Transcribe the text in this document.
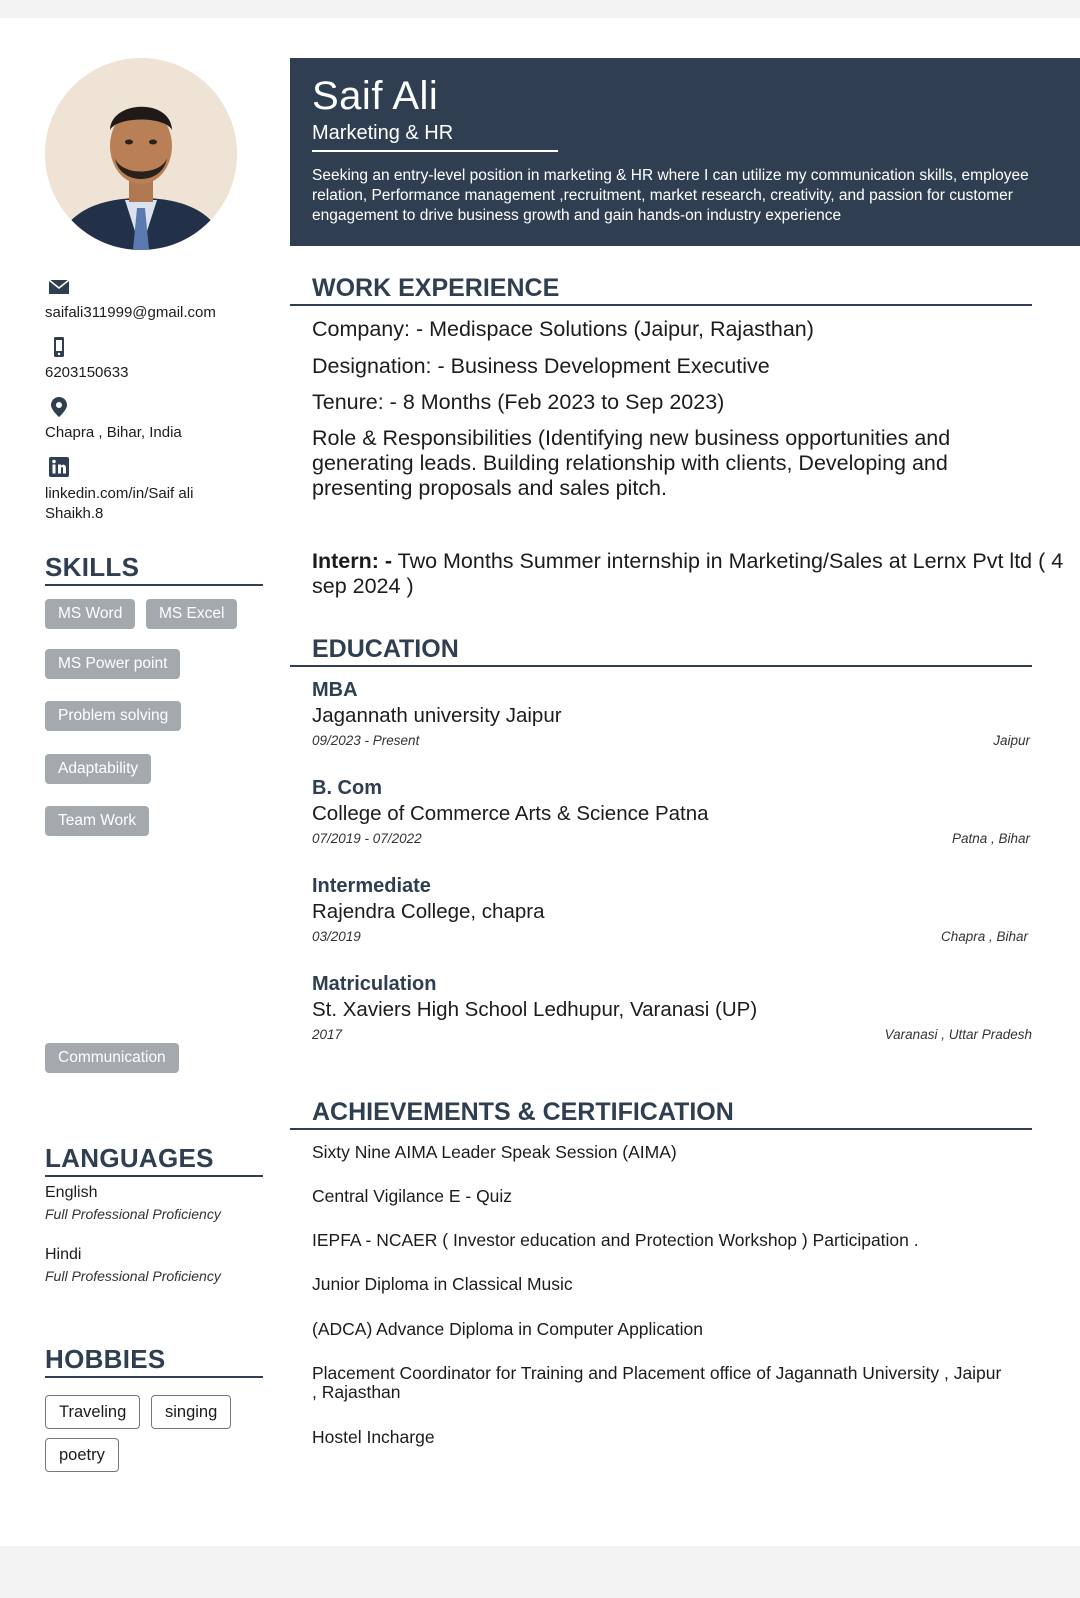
Saif Ali
Marketing & HR
Seeking an entry-level position in marketing & HR where I can utilize my communication skills, employee relation, Performance management ,recruitment, market research, creativity, and passion for customer engagement to drive business growth and gain hands-on industry experience
saifali311999@gmail.com
6203150633
Chapra , Bihar, India
linkedin.com/in/Saif ali
Shaikh.8
SKILLS
MS Word	MS Excel
MS Power point
Problem solving
Adaptability
Team Work
Communication
LANGUAGES
English
Full Professional Proficiency
Hindi
Full Professional Proficiency
HOBBIES
Traveling	singing
poetry
WORK EXPERIENCE
Company: - Medispace Solutions (Jaipur, Rajasthan)
Designation: - Business Development Executive
Tenure: - 8 Months (Feb 2023 to Sep 2023)
Role & Responsibilities (Identifying new business opportunities and generating leads. Building relationship with clients, Developing and presenting proposals and sales pitch.
Intern: - Two Months Summer internship in Marketing/Sales at Lernx Pvt ltd ( 4 sep 2024 )
EDUCATION
MBA
Jagannath university Jaipur
09/2023 - Present	Jaipur
B. Com
College of Commerce Arts & Science Patna
07/2019 - 07/2022	Patna , Bihar
Intermediate
Rajendra College, chapra
03/2019	Chapra , Bihar
Matriculation
St. Xaviers High School Ledhupur, Varanasi (UP)
2017	Varanasi , Uttar Pradesh
ACHIEVEMENTS & CERTIFICATION
Sixty Nine AIMA Leader Speak Session (AIMA)
Central Vigilance E - Quiz
IEPFA - NCAER ( Investor education and Protection Workshop ) Participation .
Junior Diploma in Classical Music
(ADCA) Advance Diploma in Computer Application
Placement Coordinator for Training and Placement office of Jagannath University , Jaipur , Rajasthan
Hostel Incharge
